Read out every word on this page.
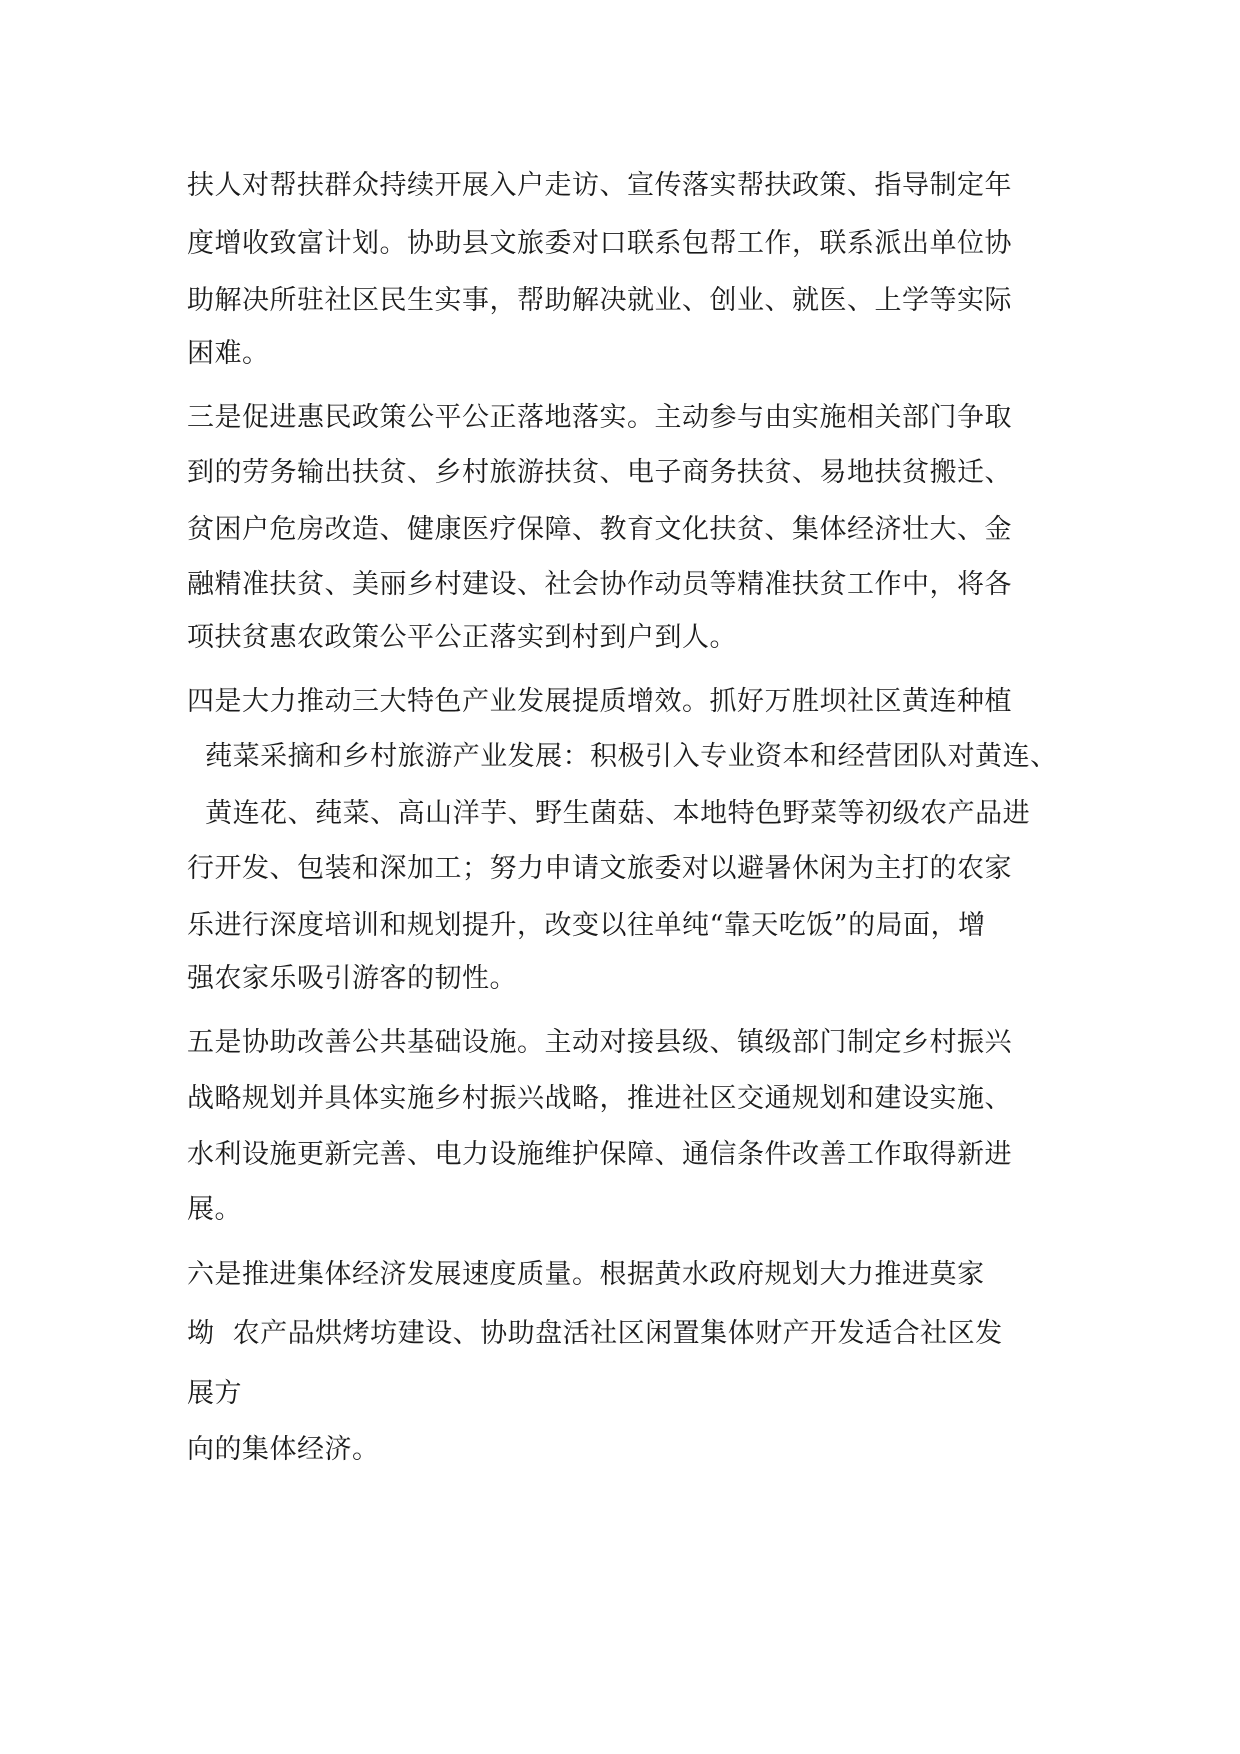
扶人对帮扶群众持续开展入户走访、宣传落实帮扶政策、指导制定年
度增收致富计划。协助县文旅委对口联系包帮工作，联系派出单位协
助解决所驻社区民生实事，帮助解决就业、创业、就医、上学等实际
困难。
三是促进惠民政策公平公正落地落实。主动参与由实施相关部门争取
到的劳务输出扶贫、乡村旅游扶贫、电子商务扶贫、易地扶贫搬迁、
贫困户危房改造、健康医疗保障、教育文化扶贫、集体经济壮大、金
融精准扶贫、美丽乡村建设、社会协作动员等精准扶贫工作中，将各
项扶贫惠农政策公平公正落实到村到户到人。
四是大力推动三大特色产业发展提质增效。抓好万胜坝社区黄连种植
莼菜采摘和乡村旅游产业发展：积极引入专业资本和经营团队对黄连、
黄连花、莼菜、高山洋芋、野生菌菇、本地特色野菜等初级农产品进
行开发、包装和深加工；努力申请文旅委对以避暑休闲为主打的农家
乐进行深度培训和规划提升，改变以往单纯“靠天吃饭”的局面，增
强农家乐吸引游客的韧性。
五是协助改善公共基础设施。主动对接县级、镇级部门制定乡村振兴
战略规划并具体实施乡村振兴战略，推进社区交通规划和建设实施、
水利设施更新完善、电力设施维护保障、通信条件改善工作取得新进
展。
六是推进集体经济发展速度质量。根据黄水政府规划大力推进莫家
坳  农产品烘烤坊建设、协助盘活社区闲置集体财产开发适合社区发
展方
向的集体经济。
